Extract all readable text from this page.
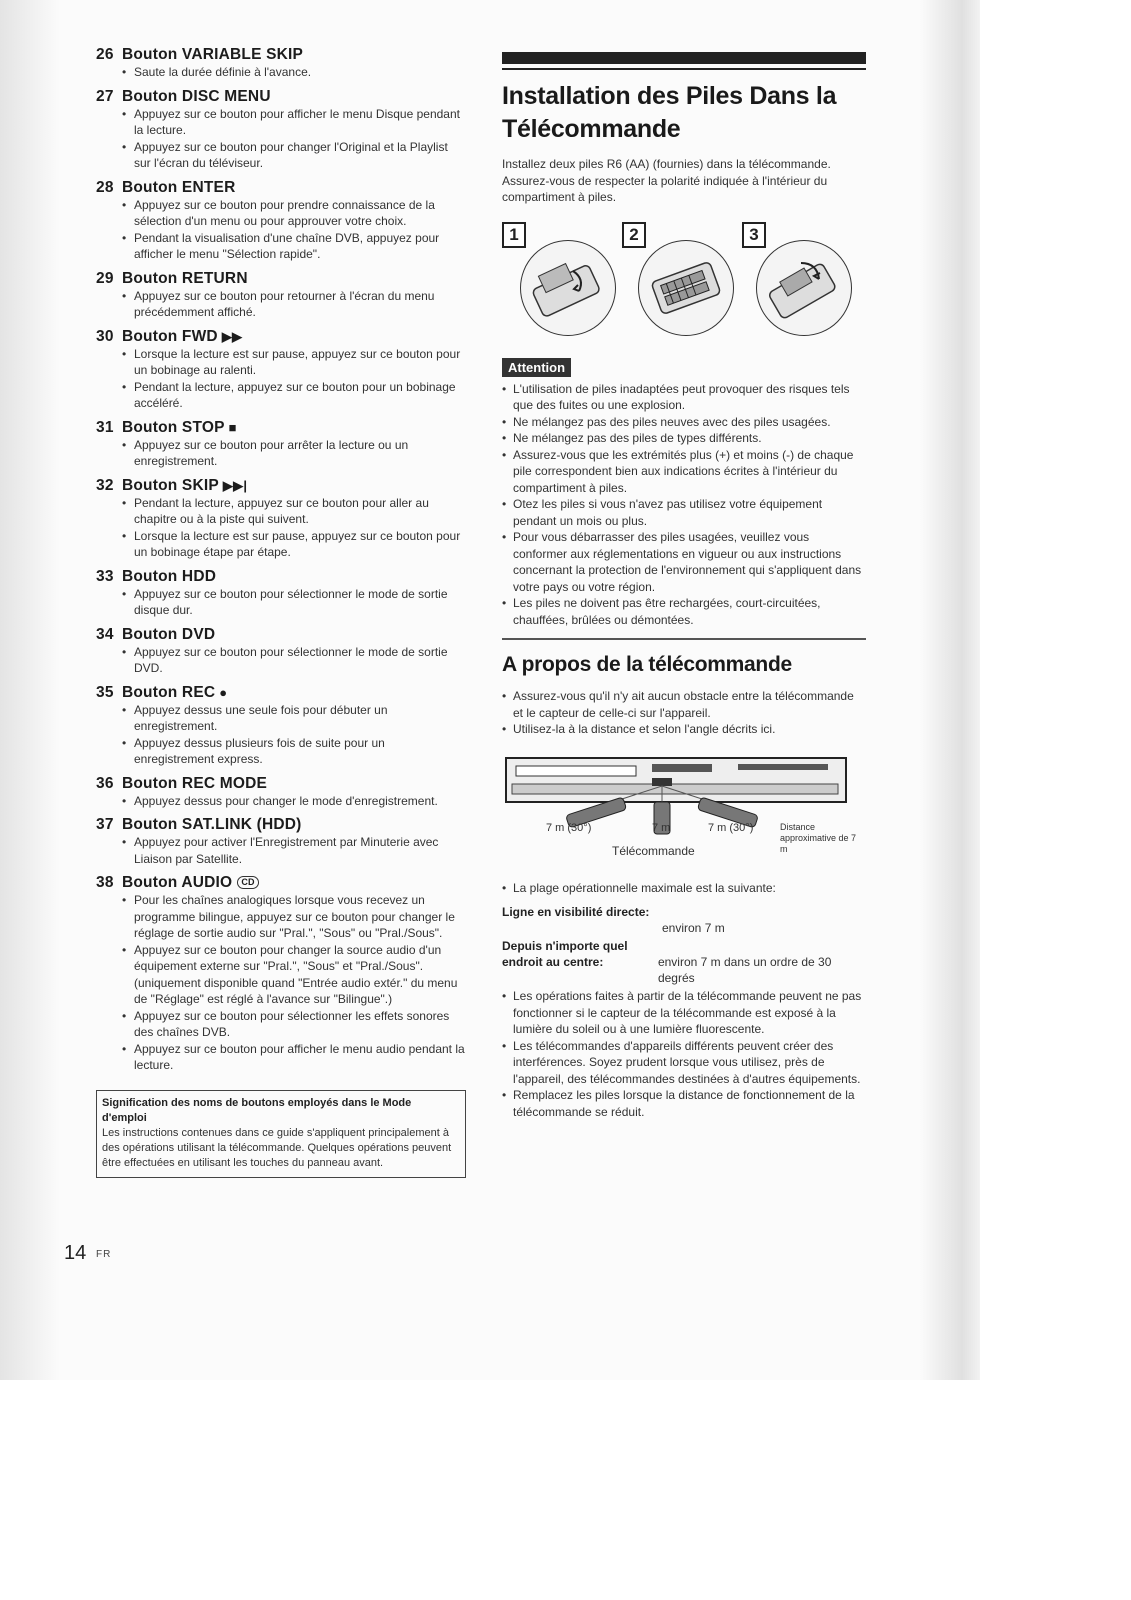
26 Bouton VARIABLE SKIP
• Saute la durée définie à l'avance.
27 Bouton DISC MENU
• Appuyez sur ce bouton pour afficher le menu Disque pendant la lecture.
• Appuyez sur ce bouton pour changer l'Original et la Playlist sur l'écran du téléviseur.
28 Bouton ENTER
• Appuyez sur ce bouton pour prendre connaissance de la sélection d'un menu ou pour approuver votre choix.
• Pendant la visualisation d'une chaîne DVB, appuyez pour afficher le menu "Sélection rapide".
29 Bouton RETURN
• Appuyez sur ce bouton pour retourner à l'écran du menu précédemment affiché.
30 Bouton FWD ▶▶
• Lorsque la lecture est sur pause, appuyez sur ce bouton pour un bobinage au ralenti.
• Pendant la lecture, appuyez sur ce bouton pour un bobinage accéléré.
31 Bouton STOP ■
• Appuyez sur ce bouton pour arrêter la lecture ou un enregistrement.
32 Bouton SKIP ▶▶|
• Pendant la lecture, appuyez sur ce bouton pour aller au chapitre ou à la piste qui suivent.
• Lorsque la lecture est sur pause, appuyez sur ce bouton pour un bobinage étape par étape.
33 Bouton HDD
• Appuyez sur ce bouton pour sélectionner le mode de sortie disque dur.
34 Bouton DVD
• Appuyez sur ce bouton pour sélectionner le mode de sortie DVD.
35 Bouton REC ●
• Appuyez dessus une seule fois pour débuter un enregistrement.
• Appuyez dessus plusieurs fois de suite pour un enregistrement express.
36 Bouton REC MODE
• Appuyez dessus pour changer le mode d'enregistrement.
37 Bouton SAT.LINK (HDD)
• Appuyez pour activer l'Enregistrement par Minuterie avec Liaison par Satellite.
38 Bouton AUDIO CD
• Pour les chaînes analogiques lorsque vous recevez un programme bilingue, appuyez sur ce bouton pour changer le réglage de sortie audio sur "Pral.", "Sous" ou "Pral./Sous".
• Appuyez sur ce bouton pour changer la source audio d'un équipement externe sur "Pral.", "Sous" et "Pral./Sous". (uniquement disponible quand "Entrée audio extér." du menu de "Réglage" est réglé à l'avance sur "Bilingue".)
• Appuyez sur ce bouton pour sélectionner les effets sonores des chaînes DVB.
• Appuyez sur ce bouton pour afficher le menu audio pendant la lecture.
Signification des noms de boutons employés dans le Mode d'emploi
Les instructions contenues dans ce guide s'appliquent principalement à des opérations utilisant la télécommande. Quelques opérations peuvent être effectuées en utilisant les touches du panneau avant.
Installation des Piles Dans la Télécommande
Installez deux piles R6 (AA) (fournies) dans la télécommande. Assurez-vous de respecter la polarité indiquée à l'intérieur du compartiment à piles.
1	2	3
Attention
• L'utilisation de piles inadaptées peut provoquer des risques tels que des fuites ou une explosion.
• Ne mélangez pas des piles neuves avec des piles usagées.
• Ne mélangez pas des piles de types différents.
• Assurez-vous que les extrémités plus (+) et moins (-) de chaque pile correspondent bien aux indications écrites à l'intérieur du compartiment à piles.
• Otez les piles si vous n'avez pas utilisez votre équipement pendant un mois ou plus.
• Pour vous débarrasser des piles usagées, veuillez vous conformer aux réglementations en vigueur ou aux instructions concernant la protection de l'environnement qui s'appliquent dans votre pays ou votre région.
• Les piles ne doivent pas être rechargées, court-circuitées, chauffées, brûlées ou démontées.
A propos de la télécommande
• Assurez-vous qu'il n'y ait aucun obstacle entre la télécommande et le capteur de celle-ci sur l'appareil.
• Utilisez-la à la distance et selon l'angle décrits ici.
7 m (30°)	7 m	7 m (30°)
Télécommande
Distance approximative de 7 m
• La plage opérationnelle maximale est la suivante:
Ligne en visibilité directe:
environ 7 m
Depuis n'importe quel endroit au centre:	environ 7 m dans un ordre de 30 degrés
• Les opérations faites à partir de la télécommande peuvent ne pas fonctionner si le capteur de la télécommande est exposé à la lumière du soleil ou à une lumière fluorescente.
• Les télécommandes d'appareils différents peuvent créer des interférences. Soyez prudent lorsque vous utilisez, près de l'appareil, des télécommandes destinées à d'autres équipements.
• Remplacez les piles lorsque la distance de fonctionnement de la télécommande se réduit.
14 FR
